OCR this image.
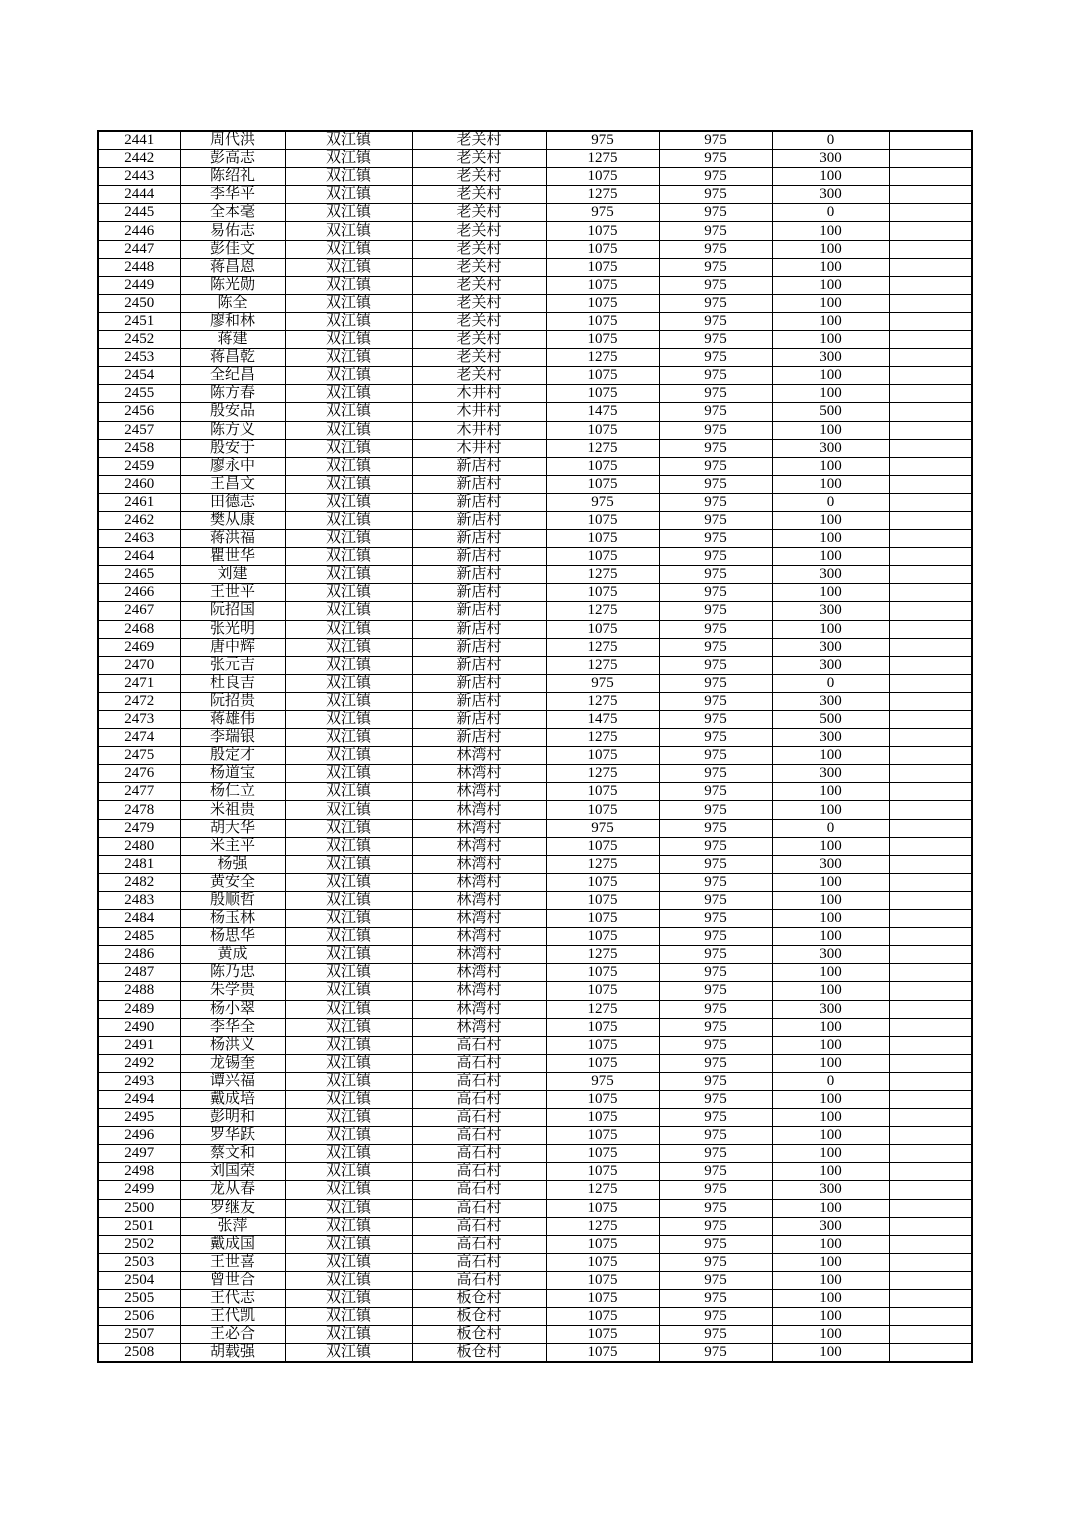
2441	周代洪	双江镇	老关村	975	975	0	
2442	彭高志	双江镇	老关村	1275	975	300	
2443	陈绍礼	双江镇	老关村	1075	975	100	
2444	李华平	双江镇	老关村	1275	975	300	
2445	全本毫	双江镇	老关村	975	975	0	
2446	易佑志	双江镇	老关村	1075	975	100	
2447	彭佳文	双江镇	老关村	1075	975	100	
2448	蒋昌恩	双江镇	老关村	1075	975	100	
2449	陈光勋	双江镇	老关村	1075	975	100	
2450	陈全	双江镇	老关村	1075	975	100	
2451	廖和林	双江镇	老关村	1075	975	100	
2452	蒋建	双江镇	老关村	1075	975	100	
2453	蒋昌乾	双江镇	老关村	1275	975	300	
2454	全纪昌	双江镇	老关村	1075	975	100	
2455	陈方春	双江镇	木井村	1075	975	100	
2456	殷安品	双江镇	木井村	1475	975	500	
2457	陈方义	双江镇	木井村	1075	975	100	
2458	殷安于	双江镇	木井村	1275	975	300	
2459	廖永中	双江镇	新店村	1075	975	100	
2460	王昌文	双江镇	新店村	1075	975	100	
2461	田德志	双江镇	新店村	975	975	0	
2462	樊从康	双江镇	新店村	1075	975	100	
2463	蒋洪福	双江镇	新店村	1075	975	100	
2464	瞿世华	双江镇	新店村	1075	975	100	
2465	刘建	双江镇	新店村	1275	975	300	
2466	王世平	双江镇	新店村	1075	975	100	
2467	阮招国	双江镇	新店村	1275	975	300	
2468	张光明	双江镇	新店村	1075	975	100	
2469	唐中辉	双江镇	新店村	1275	975	300	
2470	张元吉	双江镇	新店村	1275	975	300	
2471	杜良吉	双江镇	新店村	975	975	0	
2472	阮招贵	双江镇	新店村	1275	975	300	
2473	蒋雄伟	双江镇	新店村	1475	975	500	
2474	李瑞银	双江镇	新店村	1275	975	300	
2475	殷定才	双江镇	林湾村	1075	975	100	
2476	杨道宝	双江镇	林湾村	1275	975	300	
2477	杨仁立	双江镇	林湾村	1075	975	100	
2478	米祖贵	双江镇	林湾村	1075	975	100	
2479	胡大华	双江镇	林湾村	975	975	0	
2480	米主平	双江镇	林湾村	1075	975	100	
2481	杨强	双江镇	林湾村	1275	975	300	
2482	黄安全	双江镇	林湾村	1075	975	100	
2483	殷顺哲	双江镇	林湾村	1075	975	100	
2484	杨玉林	双江镇	林湾村	1075	975	100	
2485	杨思华	双江镇	林湾村	1075	975	100	
2486	黄成	双江镇	林湾村	1275	975	300	
2487	陈乃忠	双江镇	林湾村	1075	975	100	
2488	朱学贵	双江镇	林湾村	1075	975	100	
2489	杨小翠	双江镇	林湾村	1275	975	300	
2490	李华全	双江镇	林湾村	1075	975	100	
2491	杨洪义	双江镇	高石村	1075	975	100	
2492	龙锡奎	双江镇	高石村	1075	975	100	
2493	谭兴福	双江镇	高石村	975	975	0	
2494	戴成培	双江镇	高石村	1075	975	100	
2495	彭明和	双江镇	高石村	1075	975	100	
2496	罗华跃	双江镇	高石村	1075	975	100	
2497	蔡文和	双江镇	高石村	1075	975	100	
2498	刘国荣	双江镇	高石村	1075	975	100	
2499	龙从春	双江镇	高石村	1275	975	300	
2500	罗继友	双江镇	高石村	1075	975	100	
2501	张萍	双江镇	高石村	1275	975	300	
2502	戴成国	双江镇	高石村	1075	975	100	
2503	王世喜	双江镇	高石村	1075	975	100	
2504	曾世合	双江镇	高石村	1075	975	100	
2505	王代志	双江镇	板仓村	1075	975	100	
2506	王代凯	双江镇	板仓村	1075	975	100	
2507	王必合	双江镇	板仓村	1075	975	100	
2508	胡载强	双江镇	板仓村	1075	975	100	
